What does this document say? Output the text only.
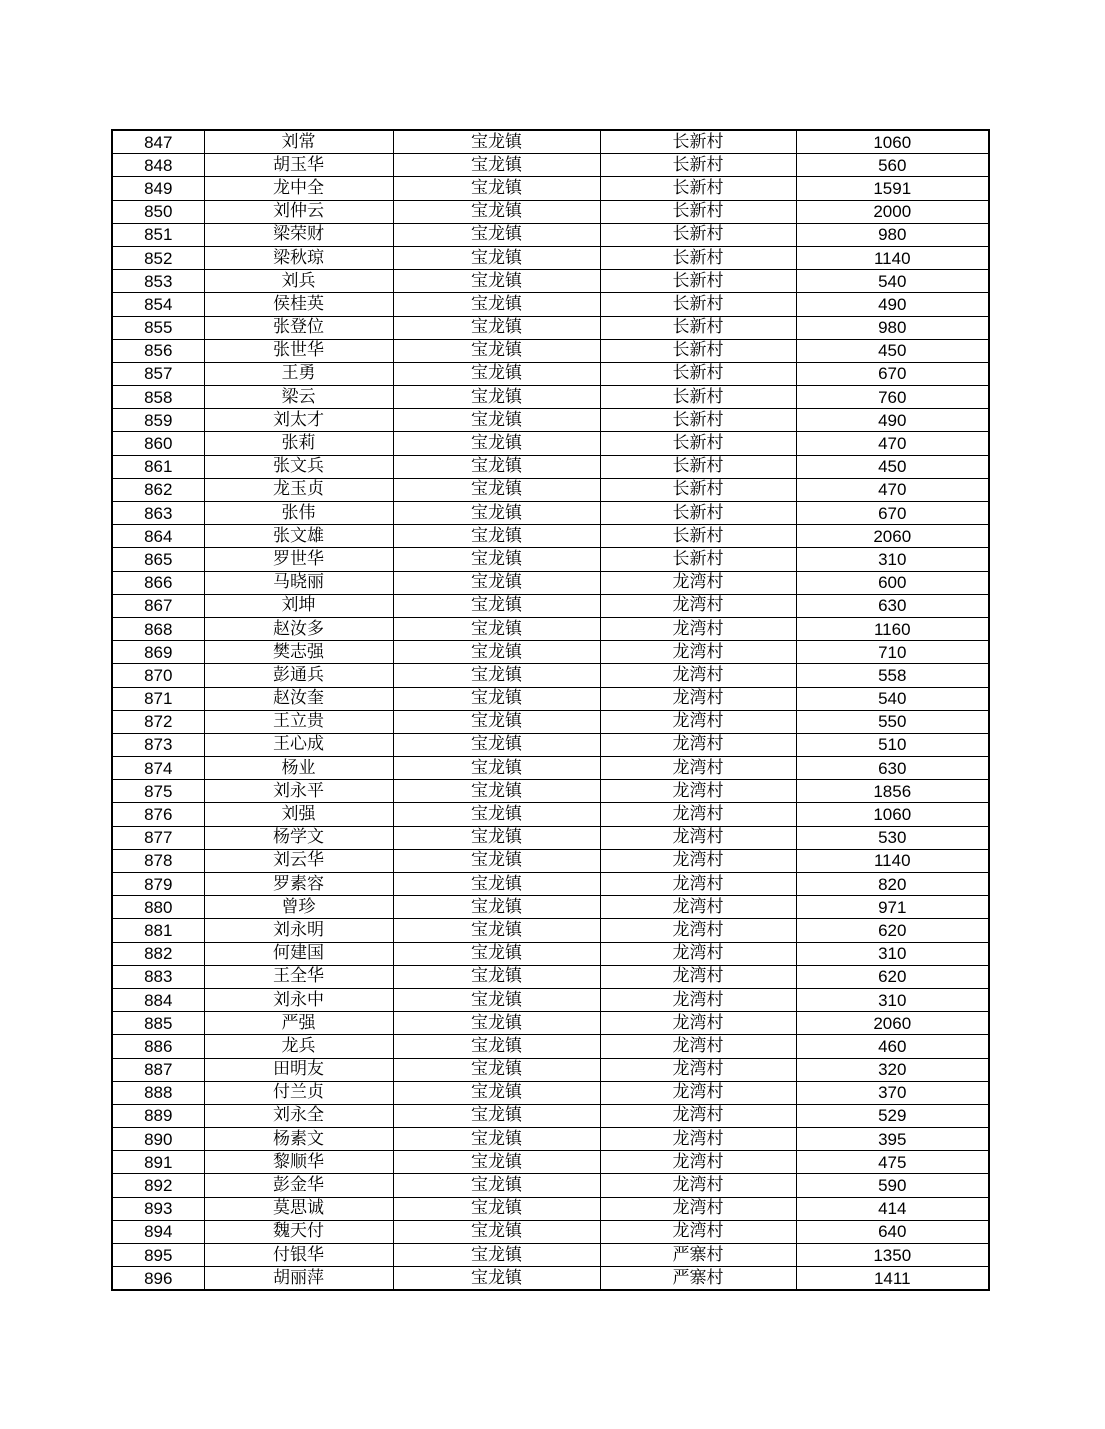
847	刘常	宝龙镇	长新村	1060
848	胡玉华	宝龙镇	长新村	560
849	龙中全	宝龙镇	长新村	1591
850	刘仲云	宝龙镇	长新村	2000
851	梁荣财	宝龙镇	长新村	980
852	梁秋琼	宝龙镇	长新村	1140
853	刘兵	宝龙镇	长新村	540
854	侯桂英	宝龙镇	长新村	490
855	张登位	宝龙镇	长新村	980
856	张世华	宝龙镇	长新村	450
857	王勇	宝龙镇	长新村	670
858	梁云	宝龙镇	长新村	760
859	刘太才	宝龙镇	长新村	490
860	张莉	宝龙镇	长新村	470
861	张文兵	宝龙镇	长新村	450
862	龙玉贞	宝龙镇	长新村	470
863	张伟	宝龙镇	长新村	670
864	张文雄	宝龙镇	长新村	2060
865	罗世华	宝龙镇	长新村	310
866	马晓丽	宝龙镇	龙湾村	600
867	刘坤	宝龙镇	龙湾村	630
868	赵汝多	宝龙镇	龙湾村	1160
869	樊志强	宝龙镇	龙湾村	710
870	彭通兵	宝龙镇	龙湾村	558
871	赵汝奎	宝龙镇	龙湾村	540
872	王立贵	宝龙镇	龙湾村	550
873	王心成	宝龙镇	龙湾村	510
874	杨业	宝龙镇	龙湾村	630
875	刘永平	宝龙镇	龙湾村	1856
876	刘强	宝龙镇	龙湾村	1060
877	杨学文	宝龙镇	龙湾村	530
878	刘云华	宝龙镇	龙湾村	1140
879	罗素容	宝龙镇	龙湾村	820
880	曾珍	宝龙镇	龙湾村	971
881	刘永明	宝龙镇	龙湾村	620
882	何建国	宝龙镇	龙湾村	310
883	王全华	宝龙镇	龙湾村	620
884	刘永中	宝龙镇	龙湾村	310
885	严强	宝龙镇	龙湾村	2060
886	龙兵	宝龙镇	龙湾村	460
887	田明友	宝龙镇	龙湾村	320
888	付兰贞	宝龙镇	龙湾村	370
889	刘永全	宝龙镇	龙湾村	529
890	杨素文	宝龙镇	龙湾村	395
891	黎顺华	宝龙镇	龙湾村	475
892	彭金华	宝龙镇	龙湾村	590
893	莫思诚	宝龙镇	龙湾村	414
894	魏天付	宝龙镇	龙湾村	640
895	付银华	宝龙镇	严寨村	1350
896	胡丽萍	宝龙镇	严寨村	1411
